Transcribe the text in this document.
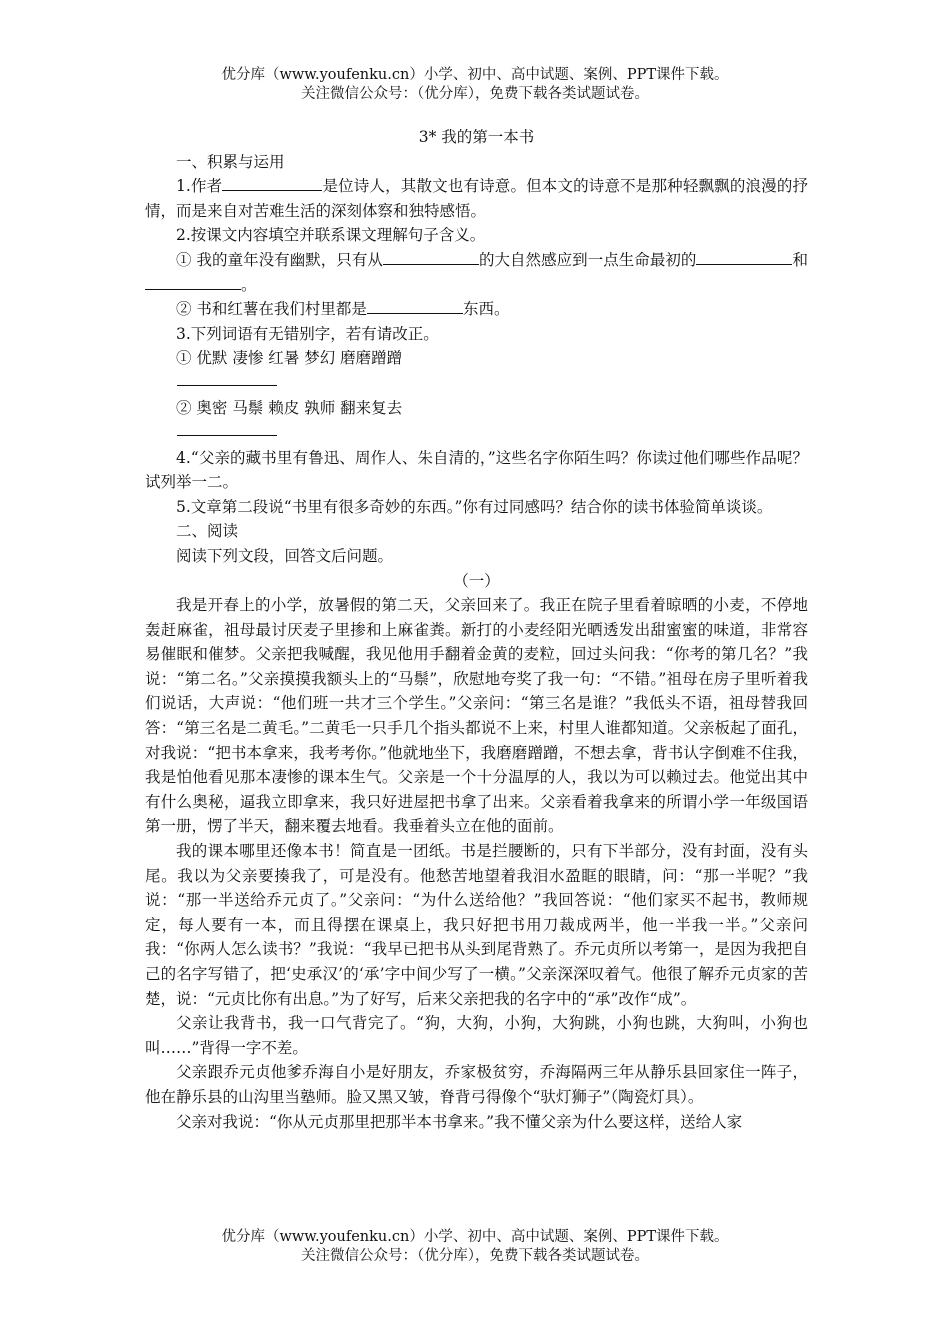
优分库（www.youfenku.cn）小学、初中、高中试题、案例、PPT课件下载。
关注微信公众号：（优分库），免费下载各类试题试卷。

3* 我的第一本书

一、积累与运用

1.作者	是位诗人，其散文也有诗意。但本文的诗意不是那种轻飘飘的浪漫的抒情，而是来自对苦难生活的深刻体察和独特感悟。

2.按课文内容填空并联系课文理解句子含义。

① 我的童年没有幽默，只有从	的大自然感应到一点生命最初的	和。

② 书和红薯在我们村里都是	东西。

3.下列词语有无错别字，若有请改正。

① 优默 凄惨 红暑 梦幻 磨磨蹭蹭

② 奥密 马鬃 赖皮 孰师 翻来复去

4.“父亲的藏书里有鲁迅、周作人、朱自清的，”这些名字你陌生吗？你读过他们哪些作品呢？试列举一二。

5.文章第二段说“书里有很多奇妙的东西。”你有过同感吗？结合你的读书体验简单谈谈。

二、阅读

阅读下列文段，回答文后问题。

（一）

我是开春上的小学，放暑假的第二天，父亲回来了。我正在院子里看着晾晒的小麦，不停地轰赶麻雀，祖母最讨厌麦子里掺和上麻雀粪。新打的小麦经阳光晒透发出甜蜜蜜的味道，非常容易催眠和催梦。父亲把我喊醒，我见他用手翻着金黄的麦粒，回过头问我：“你考的第几名？”我说：“第二名。”父亲摸摸我额头上的“马鬃”，欣慰地夸奖了我一句：“不错。”祖母在房子里听着我们说话，大声说：“他们班一共才三个学生。”父亲问：“第三名是谁？”我低头不语，祖母替我回答：“第三名是二黄毛。”二黄毛一只手几个指头都说不上来，村里人谁都知道。父亲板起了面孔，对我说：“把书本拿来，我考考你。”他就地坐下，我磨磨蹭蹭，不想去拿，背书认字倒难不住我，我是怕他看见那本凄惨的课本生气。父亲是一个十分温厚的人，我以为可以赖过去。他觉出其中有什么奥秘，逼我立即拿来，我只好进屋把书拿了出来。父亲看着我拿来的所谓小学一年级国语第一册，愣了半天，翻来覆去地看。我垂着头立在他的面前。

我的课本哪里还像本书！简直是一团纸。书是拦腰断的，只有下半部分，没有封面，没有头尾。我以为父亲要揍我了，可是没有。他愁苦地望着我泪水盈眶的眼睛，问：“那一半呢？”我说：“那一半送给乔元贞了。”父亲问：“为什么送给他？”我回答说：“他们家买不起书，教师规定，每人要有一本，而且得摆在课桌上，我只好把书用刀裁成两半，他一半我一半。”父亲问我：“你两人怎么读书？”我说：“我早已把书从头到尾背熟了。乔元贞所以考第一，是因为我把自己的名字写错了，把‘史承汉’的‘承’字中间少写了一横。”父亲深深叹着气。他很了解乔元贞家的苦楚，说：“元贞比你有出息。”为了好写，后来父亲把我的名字中的“承”改作“成”。

父亲让我背书，我一口气背完了。“狗，大狗，小狗，大狗跳，小狗也跳，大狗叫，小狗也叫……”背得一字不差。

父亲跟乔元贞他爹乔海自小是好朋友，乔家极贫穷，乔海隔两三年从静乐县回家住一阵子，他在静乐县的山沟里当塾师。脸又黑又皱，脊背弓得像个“驮灯狮子”（陶瓷灯具）。

父亲对我说：“你从元贞那里把那半本书拿来。”我不懂父亲为什么要这样，送给人家

优分库（www.youfenku.cn）小学、初中、高中试题、案例、PPT课件下载。
关注微信公众号：（优分库），免费下载各类试题试卷。
